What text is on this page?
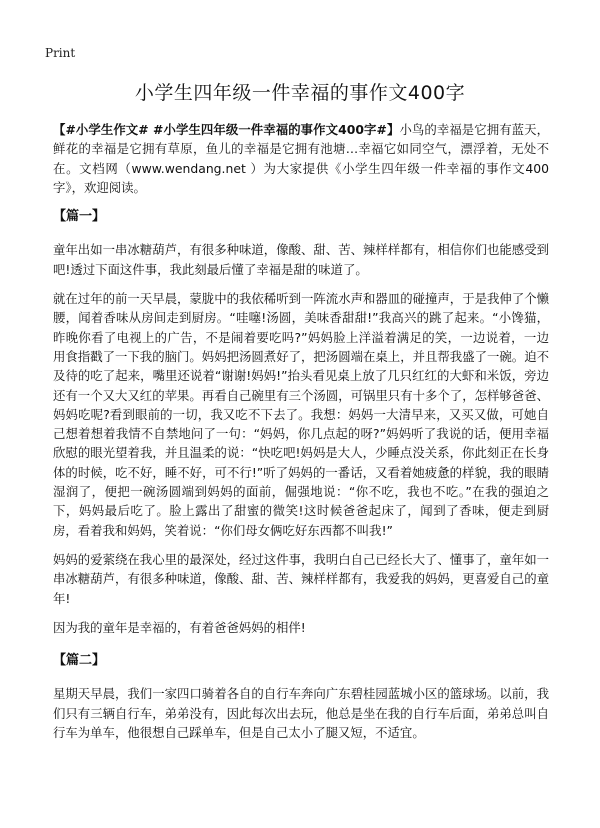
Print
小学生四年级一件幸福的事作文400字

【#小学生作文# #小学生四年级一件幸福的事作文400字#】小鸟的幸福是它拥有蓝天，鲜花的幸福是它拥有草原，鱼儿的幸福是它拥有池塘…幸福它如同空气，漂浮着，无处不在。文档网（www.wendang.net ）为大家提供《小学生四年级一件幸福的事作文400字》，欢迎阅读。

【篇一】

童年出如一串冰糖葫芦，有很多种味道，像酸、甜、苦、辣样样都有，相信你们也能感受到吧!透过下面这件事，我此刻最后懂了幸福是甜的味道了。

就在过年的前一天早晨，蒙胧中的我依稀听到一阵流水声和器皿的碰撞声，于是我伸了个懒腰，闻着香味从房间走到厨房。“哇噻!汤圆，美味香甜甜!”我高兴的跳了起来。“小馋猫，昨晚你看了电视上的广告，不是闹着要吃吗?”妈妈脸上洋溢着满足的笑，一边说着，一边用食指戳了一下我的脑门。妈妈把汤圆煮好了，把汤圆端在桌上，并且帮我盛了一碗。迫不及待的吃了起来，嘴里还说着“谢谢!妈妈!”抬头看见桌上放了几只红红的大虾和米饭，旁边还有一个又大又红的苹果。再看自己碗里有三个汤圆，可锅里只有十多个了，怎样够爸爸、妈妈吃呢?看到眼前的一切，我又吃不下去了。我想：妈妈一大清早来，又买又做，可她自己想着想着我情不自禁地问了一句：“妈妈，你几点起的呀?”妈妈听了我说的话，便用幸福欣慰的眼光望着我，并且温柔的说：“快吃吧!妈妈是大人，少睡点没关系，你此刻正在长身体的时候，吃不好，睡不好，可不行!”听了妈妈的一番话，又看着她疲惫的样貌，我的眼睛湿润了，便把一碗汤圆端到妈妈的面前，倔强地说：“你不吃，我也不吃。”在我的强迫之下，妈妈最后吃了。脸上露出了甜蜜的微笑!这时候爸爸起床了，闻到了香味，便走到厨房，看着我和妈妈，笑着说：“你们母女俩吃好东西都不叫我!”

妈妈的爱萦绕在我心里的最深处，经过这件事，我明白自己已经长大了、懂事了，童年如一串冰糖葫芦，有很多种味道，像酸、甜、苦、辣样样都有，我爱我的妈妈，更喜爱自己的童年!

因为我的童年是幸福的，有着爸爸妈妈的相伴!

【篇二】

星期天早晨，我们一家四口骑着各自的自行车奔向广东碧桂园蓝城小区的篮球场。以前，我们只有三辆自行车，弟弟没有，因此每次出去玩，他总是坐在我的自行车后面，弟弟总叫自行车为单车，他很想自己踩单车，但是自己太小了腿又短，不适宜。
